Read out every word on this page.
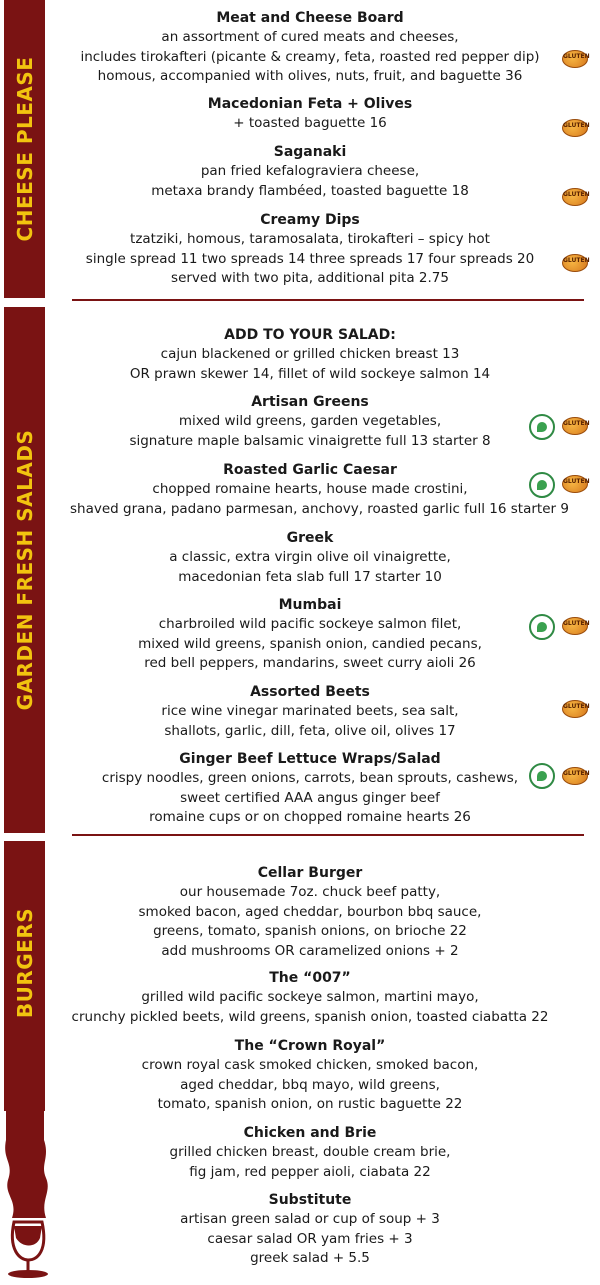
CHEESE PLEASE
GARDEN FRESH SALADS
BURGERS
Meat and Cheese Board
an assortment of cured meats and cheeses,
includes tirokafteri (picante & creamy, feta, roasted red pepper dip)
homous, accompanied with olives, nuts, fruit, and baguette 36
Macedonian Feta + Olives
+ toasted baguette 16
Saganaki
pan fried kefalograviera cheese,
metaxa brandy flambéed, toasted baguette 18
Creamy Dips
tzatziki, homous, taramosalata, tirokafteri – spicy hot
single spread 11 two spreads 14 three spreads 17 four spreads 20
served with two pita, additional pita 2.75
ADD TO YOUR SALAD:
cajun blackened or grilled chicken breast 13
OR prawn skewer 14, fillet of wild sockeye salmon 14
Artisan Greens
mixed wild greens, garden vegetables,
signature maple balsamic vinaigrette full 13 starter 8
Roasted Garlic Caesar
chopped romaine hearts, house made crostini,
shaved grana, padano parmesan, anchovy, roasted garlic full 16 starter 9
Greek
a classic, extra virgin olive oil vinaigrette,
macedonian feta slab full 17 starter 10
Mumbai
charbroiled wild pacific sockeye salmon filet,
mixed wild greens, spanish onion, candied pecans,
red bell peppers, mandarins, sweet curry aioli 26
Assorted Beets
rice wine vinegar marinated beets, sea salt,
shallots, garlic, dill, feta, olive oil, olives 17
Ginger Beef Lettuce Wraps/Salad
crispy noodles, green onions, carrots, bean sprouts, cashews,
sweet certified AAA angus ginger beef
romaine cups or on chopped romaine hearts 26
Cellar Burger
our housemade 7oz. chuck beef patty,
smoked bacon, aged cheddar, bourbon bbq sauce,
greens, tomato, spanish onions, on brioche 22
add mushrooms OR caramelized onions + 2
The “007”
grilled wild pacific sockeye salmon, martini mayo,
crunchy pickled beets, wild greens, spanish onion, toasted ciabatta 22
The “Crown Royal”
crown royal cask smoked chicken, smoked bacon,
aged cheddar, bbq mayo, wild greens,
tomato, spanish onion, on rustic baguette 22
Chicken and Brie
grilled chicken breast, double cream brie,
fig jam, red pepper aioli, ciabata 22
Substitute
artisan green salad or cup of soup + 3
caesar salad OR yam fries + 3
greek salad + 5.5
GLUTEN
GLUTEN
GLUTEN
GLUTEN
GLUTEN
GLUTEN
GLUTEN
GLUTEN
GLUTEN
